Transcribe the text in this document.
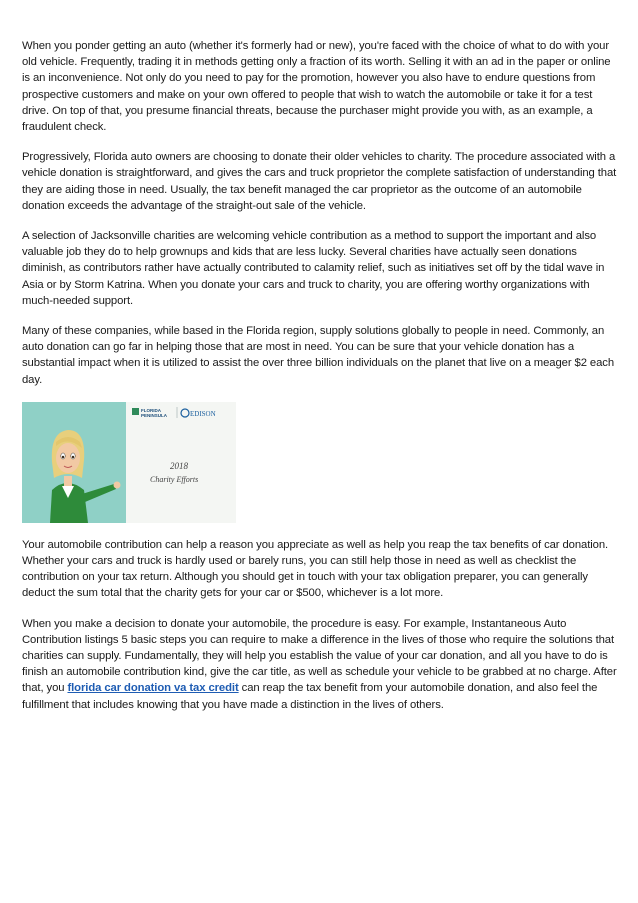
When you ponder getting an auto (whether it's formerly had or new), you're faced with the choice of what to do with your old vehicle. Frequently, trading it in methods getting only a fraction of its worth. Selling it with an ad in the paper or online is an inconvenience. Not only do you need to pay for the promotion, however you also have to endure questions from prospective customers and make on your own offered to people that wish to watch the automobile or take it for a test drive. On top of that, you presume financial threats, because the purchaser might provide you with, as an example, a fraudulent check.

Progressively, Florida auto owners are choosing to donate their older vehicles to charity. The procedure associated with a vehicle donation is straightforward, and gives the cars and truck proprietor the complete satisfaction of understanding that they are aiding those in need. Usually, the tax benefit managed the car proprietor as the outcome of an automobile donation exceeds the advantage of the straight-out sale of the vehicle.

A selection of Jacksonville charities are welcoming vehicle contribution as a method to support the important and also valuable job they do to help grownups and kids that are less lucky. Several charities have actually seen donations diminish, as contributors rather have actually contributed to calamity relief, such as initiatives set off by the tidal wave in Asia or by Storm Katrina. When you donate your cars and truck to charity, you are offering worthy organizations with much-needed support.

Many of these companies, while based in the Florida region, supply solutions globally to people in need. Commonly, an auto donation can go far in helping those that are most in need. You can be sure that your vehicle donation has a substantial impact when it is utilized to assist the over three billion individuals on the planet that live on a meager $2 each day.

FLORIDA
PENINSULA	EDISON
2018
Charity Efforts

Your automobile contribution can help a reason you appreciate as well as help you reap the tax benefits of car donation. Whether your cars and truck is hardly used or barely runs, you can still help those in need as well as checklist the contribution on your tax return. Although you should get in touch with your tax obligation preparer, you can generally deduct the sum total that the charity gets for your car or $500, whichever is a lot more.

When you make a decision to donate your automobile, the procedure is easy. For example, Instantaneous Auto Contribution listings 5 basic steps you can require to make a difference in the lives of those who require the solutions that charities can supply. Fundamentally, they will help you establish the value of your car donation, and all you have to do is finish an automobile contribution kind, give the car title, as well as schedule your vehicle to be grabbed at no charge. After that, you florida car donation va tax credit can reap the tax benefit from your automobile donation, and also feel the fulfillment that includes knowing that you have made a distinction in the lives of others.
